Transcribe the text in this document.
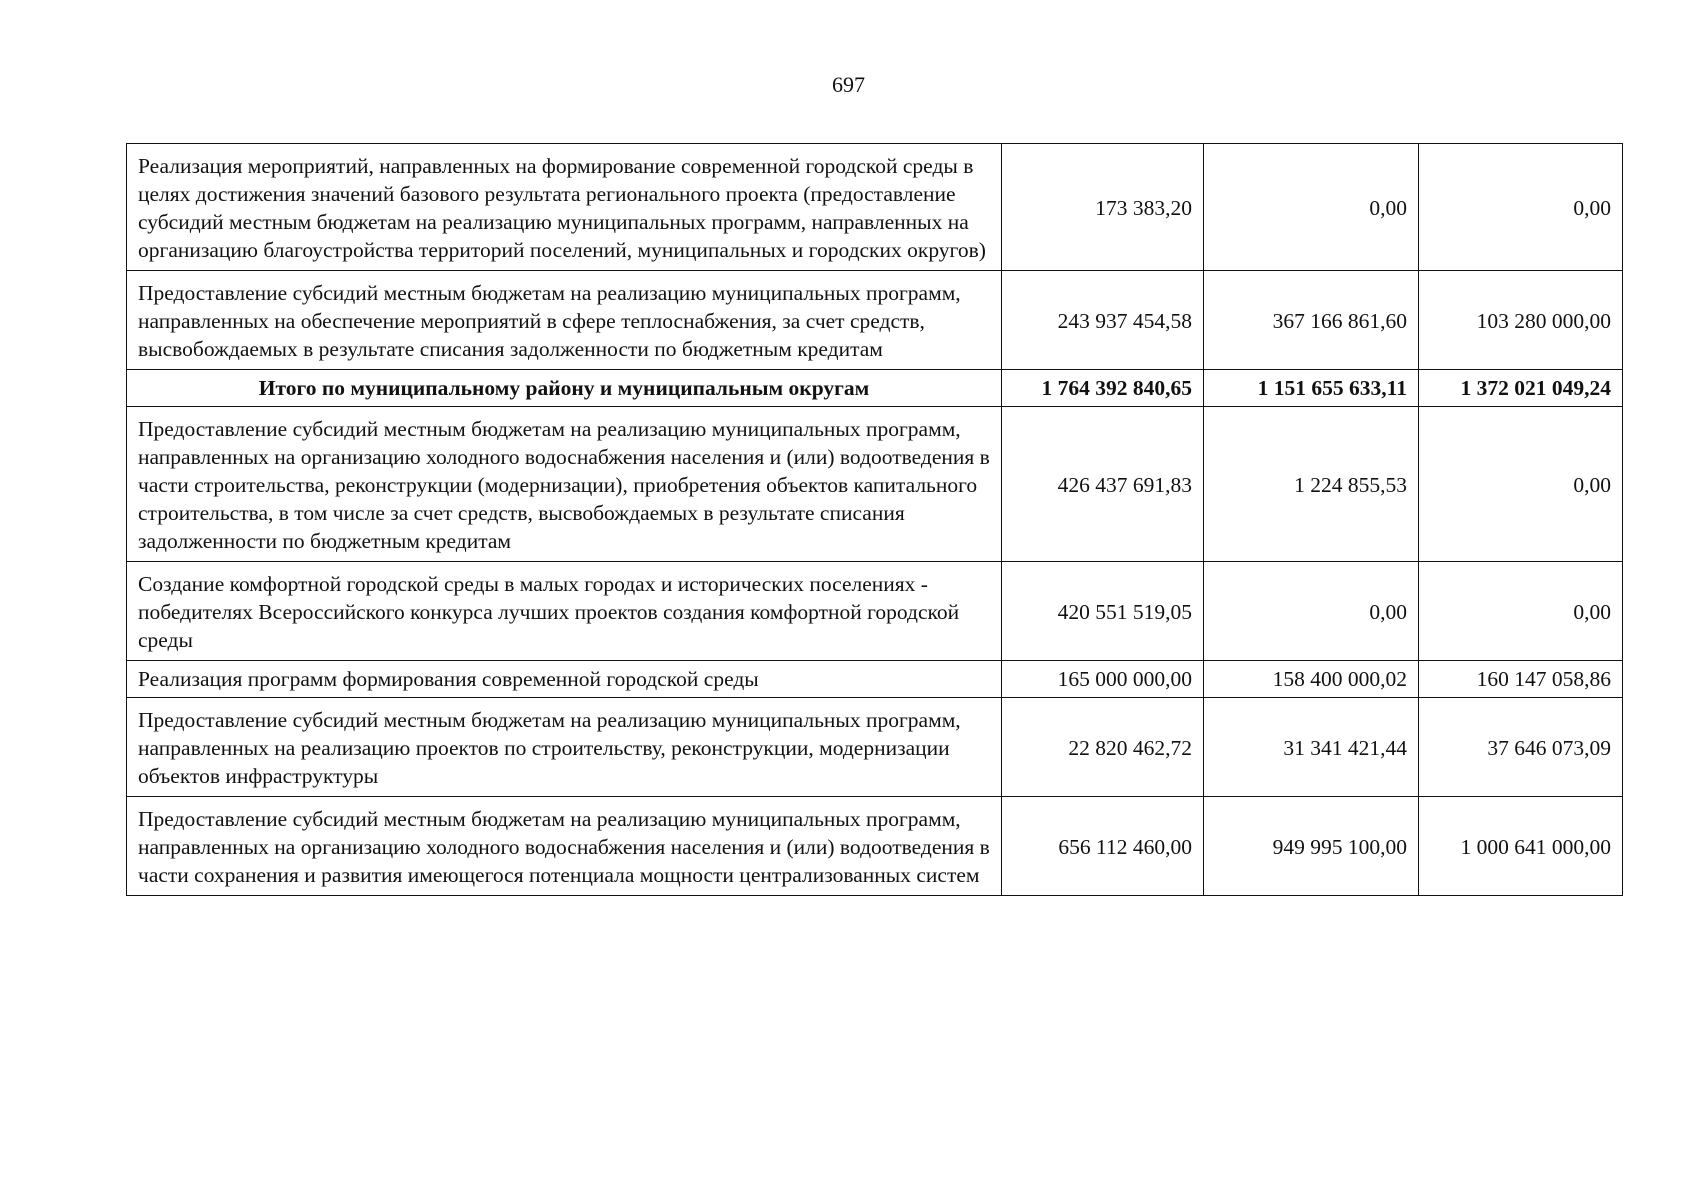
697
Реализация мероприятий, направленных на формирование современной городской среды в целях достижения значений базового результата регионального проекта (предоставление субсидий местным бюджетам на реализацию муниципальных программ, направленных на организацию благоустройства территорий поселений, муниципальных и городских округов)	173 383,20	0,00	0,00
Предоставление субсидий местным бюджетам на реализацию муниципальных программ, направленных на обеспечение мероприятий в сфере теплоснабжения, за счет средств, высвобождаемых в результате списания задолженности по бюджетным кредитам	243 937 454,58	367 166 861,60	103 280 000,00
Итого по муниципальному району и муниципальным округам	1 764 392 840,65	1 151 655 633,11	1 372 021 049,24
Предоставление субсидий местным бюджетам на реализацию муниципальных программ, направленных на организацию холодного водоснабжения населения и (или) водоотведения в части строительства, реконструкции (модернизации), приобретения объектов капитального строительства, в том числе за счет средств, высвобождаемых в результате списания задолженности по бюджетным кредитам	426 437 691,83	1 224 855,53	0,00
Создание комфортной городской среды в малых городах и исторических поселениях - победителях Всероссийского конкурса лучших проектов создания комфортной городской среды	420 551 519,05	0,00	0,00
Реализация программ формирования современной городской среды	165 000 000,00	158 400 000,02	160 147 058,86
Предоставление субсидий местным бюджетам на реализацию муниципальных программ, направленных на реализацию проектов по строительству, реконструкции, модернизации объектов инфраструктуры	22 820 462,72	31 341 421,44	37 646 073,09
Предоставление субсидий местным бюджетам на реализацию муниципальных программ, направленных на организацию холодного водоснабжения населения и (или) водоотведения в части сохранения и развития имеющегося потенциала мощности централизованных систем	656 112 460,00	949 995 100,00	1 000 641 000,00
